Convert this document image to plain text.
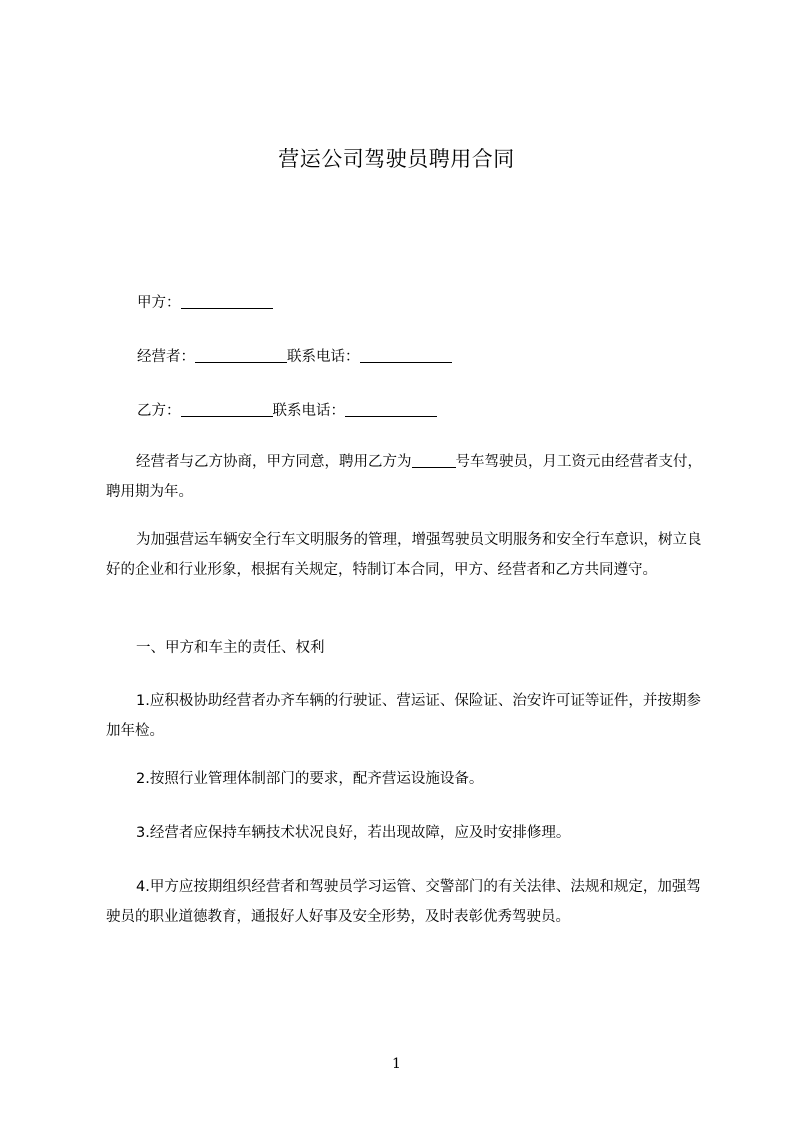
营运公司驾驶员聘用合同
甲方：
经营者：	联系电话：
乙方：	联系电话：
经营者与乙方协商，甲方同意，聘用乙方为	号车驾驶员，月工资元由经营者支付，聘用期为年。
为加强营运车辆安全行车文明服务的管理，增强驾驶员文明服务和安全行车意识，树立良好的企业和行业形象，根据有关规定，特制订本合同，甲方、经营者和乙方共同遵守。
一、甲方和车主的责任、权利
1.应积极协助经营者办齐车辆的行驶证、营运证、保险证、治安许可证等证件，并按期参加年检。
2.按照行业管理体制部门的要求，配齐营运设施设备。
3.经营者应保持车辆技术状况良好，若出现故障，应及时安排修理。
4.甲方应按期组织经营者和驾驶员学习运管、交警部门的有关法律、法规和规定，加强驾驶员的职业道德教育，通报好人好事及安全形势，及时表彰优秀驾驶员。
1
